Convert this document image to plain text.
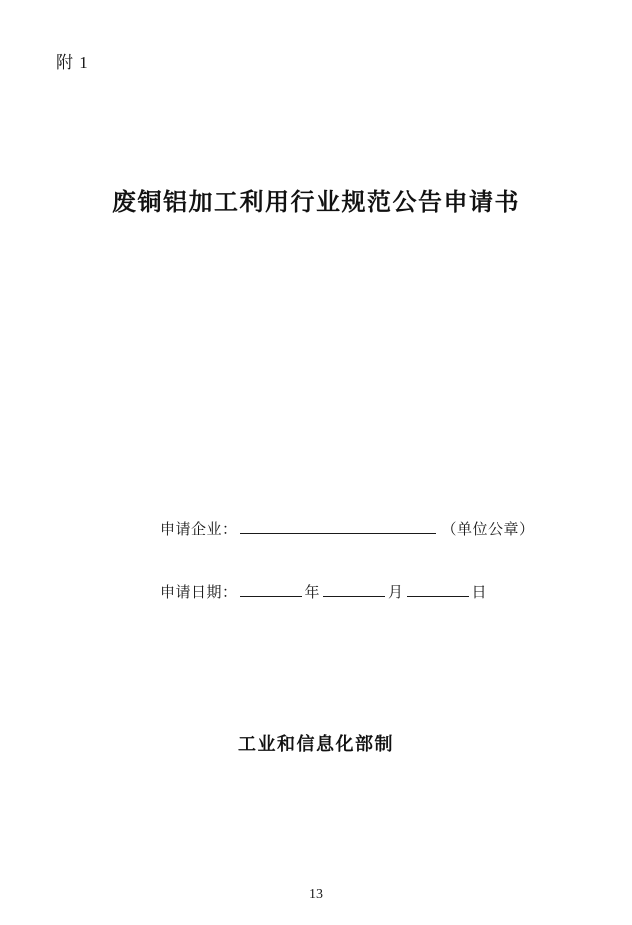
附 1
废铜铝加工利用行业规范公告申请书
申请企业：	（ 单位公章 ）
申请日期：	年	月	日
工业和信息化部制
13
